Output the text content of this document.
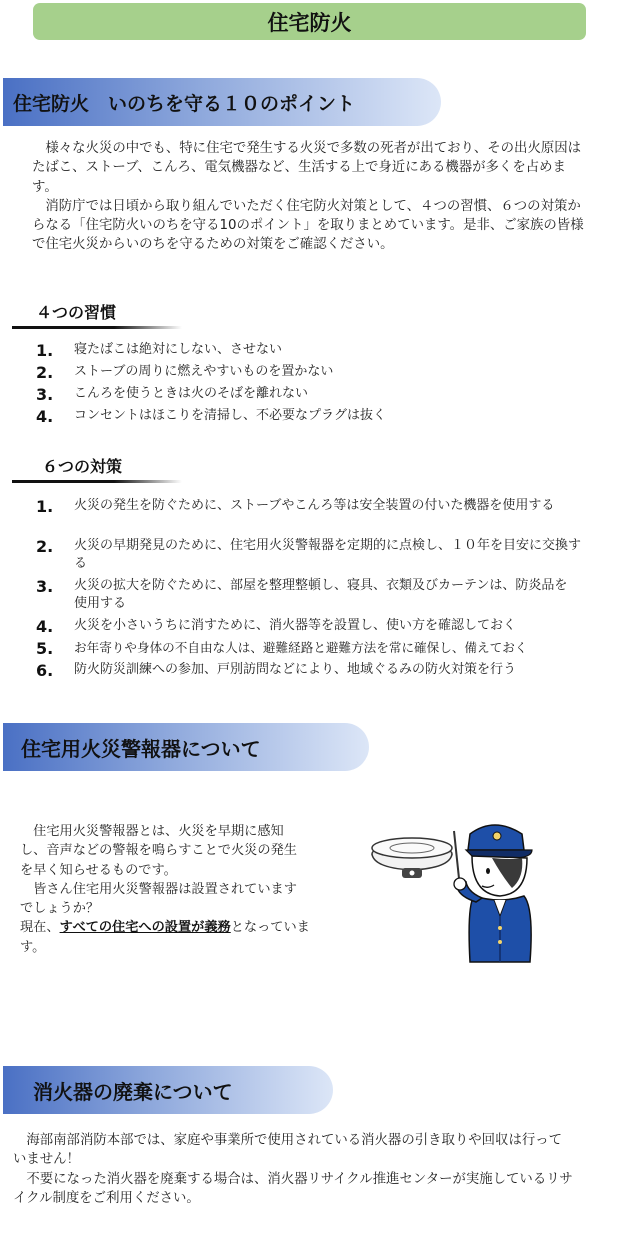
住宅防火
住宅防火　いのちを守る１０のポイント

　様々な火災の中でも、特に住宅で発生する火災で多数の死者が出ており、その出火原因はたばこ、ストーブ、こんろ、電気機器など、生活する上で身近にある機器が多くを占めます。

　消防庁では日頃から取り組んでいただく住宅防火対策として、４つの習慣、６つの対策からなる「住宅防火いのちを守る10のポイント」を取りまとめています。是非、ご家族の皆様で住宅火災からいのちを守るための対策をご確認ください。

４つの習慣
1.	寝たばこは絶対にしない、させない
2.	ストーブの周りに燃えやすいものを置かない
3.	こんろを使うときは火のそばを離れない
4.	コンセントはほこりを清掃し、不必要なプラグは抜く
６つの対策
1.	火災の発生を防ぐために、ストーブやこんろ等は安全装置の付いた機器を使用する
2.	火災の早期発見のために、住宅用火災警報器を定期的に点検し、１０年を目安に交換する
3.	火災の拡大を防ぐために、部屋を整理整頓し、寝具、衣類及びカーテンは、防炎品を使用する
4.	火災を小さいうちに消すために、消火器等を設置し、使い方を確認しておく
5.	お年寄りや身体の不自由な人は、避難経路と避難方法を常に確保し、備えておく
6.	防火防災訓練への参加、戸別訪問などにより、地域ぐるみの防火対策を行う
住宅用火災警報器について

　住宅用火災警報器とは、火災を早期に感知し、音声などの警報を鳴らすことで火災の発生を早く知らせるものです。

　皆さん住宅用火災警報器は設置されていますでしょうか？

現在、すべての住宅への設置が義務となっています。

消火器の廃棄について

　海部南部消防本部では、家庭や事業所で使用されている消火器の引き取りや回収は行っていません！

　不要になった消火器を廃棄する場合は、消火器リサイクル推進センターが実施しているリサイクル制度をご利用ください。
